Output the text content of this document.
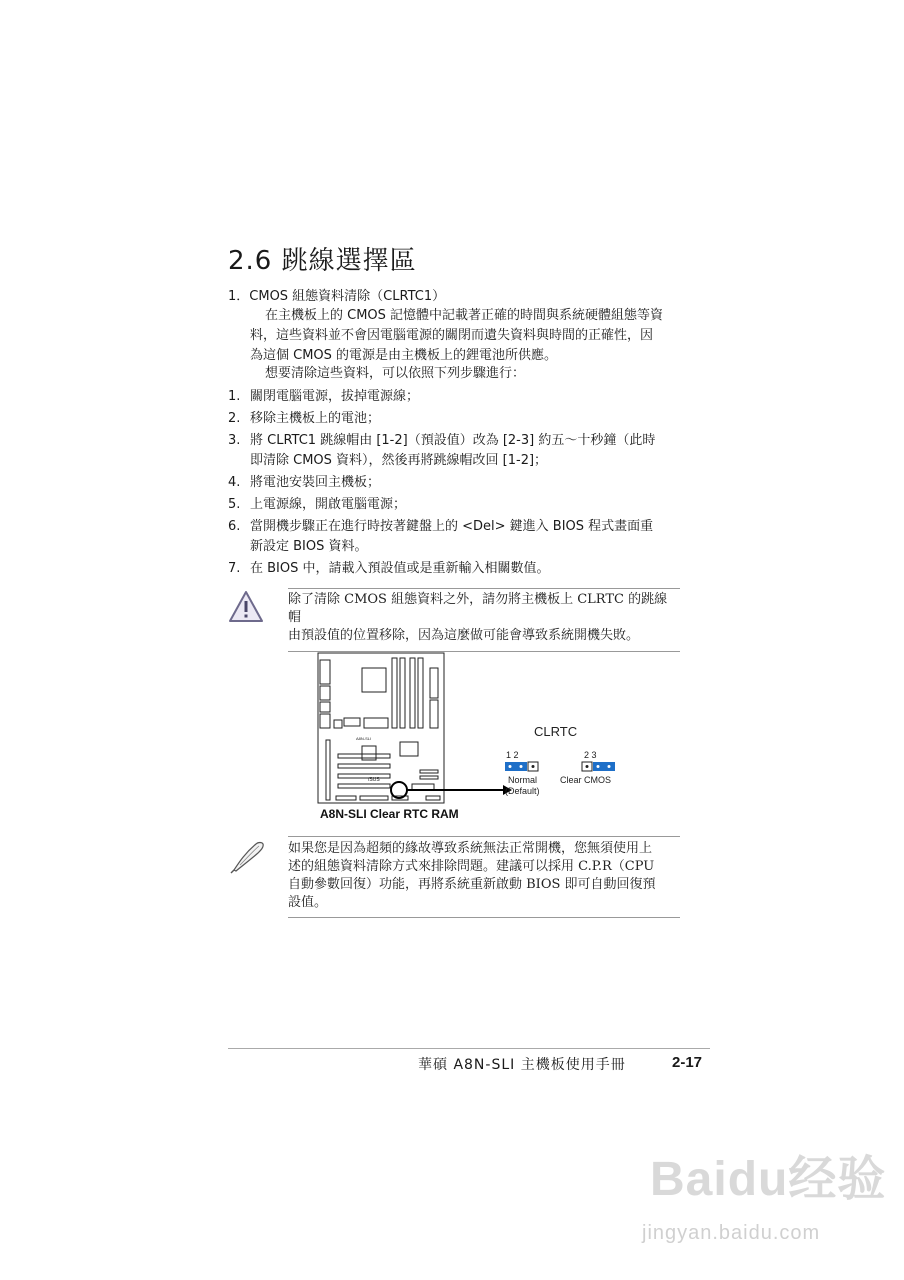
2.6 跳線選擇區
1．CMOS 組態資料清除（CLRTC1）
在主機板上的 CMOS 記憶體中記載著正確的時間與系統硬體組態等資
料，這些資料並不會因電腦電源的關閉而遺失資料與時間的正確性，因
為這個 CMOS 的電源是由主機板上的鋰電池所供應。
想要清除這些資料，可以依照下列步驟進行：
1. 關閉電腦電源，拔掉電源線；
2. 移除主機板上的電池；
3. 將 CLRTC1 跳線帽由 [1-2]（預設值）改為 [2-3] 約五～十秒鐘（此時
即清除 CMOS 資料），然後再將跳線帽改回 [1-2]；
4. 將電池安裝回主機板；
5. 上電源線，開啟電腦電源；
6. 當開機步驟正在進行時按著鍵盤上的 <Del> 鍵進入 BIOS 程式畫面重
新設定 BIOS 資料。
7. 在 BIOS 中，請載入預設值或是重新輸入相關數值。
除了清除 CMOS 組態資料之外，請勿將主機板上 CLRTC 的跳線帽
由預設值的位置移除，因為這麼做可能會導致系統開機失敗。
A8N-SLI
/SUS
CLRTC
1 2	2 3
Normal
(Default)
Clear CMOS
A8N-SLI Clear RTC RAM
如果您是因為超頻的緣故導致系統無法正常開機，您無須使用上
述的組態資料清除方式來排除問題。建議可以採用 C.P.R（CPU
自動參數回復）功能，再將系統重新啟動 BIOS 即可自動回復預
設值。
華碩 A8N-SLI 主機板使用手冊	2-17
Baidu经验
jingyan.baidu.com
